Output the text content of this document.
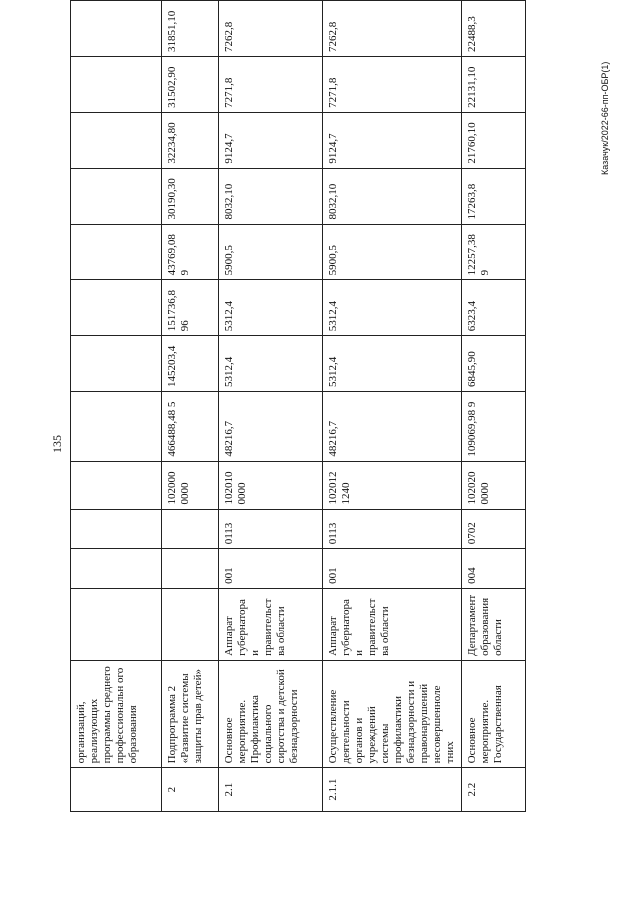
135
Казачук/2022-66-пп-ОБР(1)
	организаций, реализующих программы среднего профессиональн ого образования												
2	Подпрограмма 2 «Развитие системы защиты прав детей»				102000 0000	466488,48 5	145203,4	151736,8 96	43769,08 9	30190,30	32234,80	31502,90	31851,10
2.1	Основное мероприятие. Профилактика социального сиротства и детской безнадзорности	Аппарат губернатора и правительст ва области	001	0113	102010 0000	48216,7	5312,4	5312,4	5900,5	8032,10	9124,7	7271,8	7262,8
2.1.1	Осуществление деятельности органов и учреждений системы профилактики безнадзорности и правонарушений несовершенноле тних	Аппарат губернатора и правительст ва области	001	0113	102012 1240	48216,7	5312,4	5312,4	5900,5	8032,10	9124,7	7271,8	7262,8
2.2	Основное мероприятие. Государственная	Департамент образования области	004	0702	102020 0000	109069,98 9	6845,90	6323,4	12257,38 9	17263,8	21760,10	22131,10	22488,3
